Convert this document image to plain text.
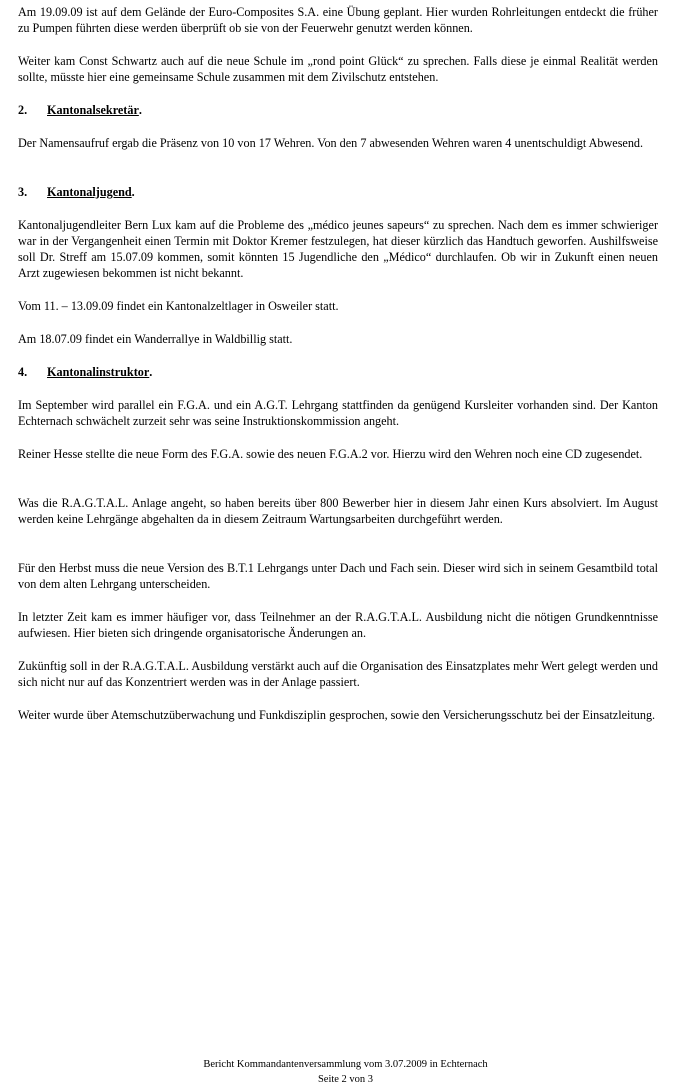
Am 19.09.09 ist auf dem Gelände der Euro-Composites S.A. eine Übung geplant. Hier wurden Rohrleitungen entdeckt die früher zu Pumpen führten diese werden überprüft ob sie von der Feuerwehr genutzt werden können.

Weiter kam Const Schwartz auch auf die neue Schule im „rond point Glück“ zu sprechen. Falls diese je einmal Realität werden sollte, müsste hier eine gemeinsame Schule zusammen mit dem Zivilschutz entstehen.

2.	Kantonalsekretär .

Der Namensaufruf ergab die Präsenz von 10 von 17 Wehren. Von den 7 abwesenden Wehren waren 4 unentschuldigt Abwesend.

3.	Kantonaljugend .

Kantonaljugendleiter Bern Lux kam auf die Probleme des „médico jeunes sapeurs“ zu sprechen. Nach dem es immer schwieriger war in der Vergangenheit einen Termin mit Doktor Kremer festzulegen, hat dieser kürzlich das Handtuch geworfen. Aushilfsweise soll Dr. Streff am 15.07.09 kommen, somit könnten 15 Jugendliche den „Médico“ durchlaufen. Ob wir in Zukunft einen neuen Arzt zugewiesen bekommen ist nicht bekannt.

Vom 11. – 13.09.09 findet ein Kantonalzeltlager in Osweiler statt.

Am 18.07.09 findet ein Wanderrallye in Waldbillig statt.

4.	Kantonalinstruktor .

Im September wird parallel ein F.G.A. und ein A.G.T. Lehrgang stattfinden da genügend Kursleiter vorhanden sind. Der Kanton Echternach schwächelt zurzeit sehr was seine Instruktionskommission angeht.

Reiner Hesse stellte die neue Form des F.G.A. sowie des neuen F.G.A.2 vor. Hierzu wird den Wehren noch eine CD zugesendet.

Was die R.A.G.T.A.L. Anlage angeht, so haben bereits über 800 Bewerber hier in diesem Jahr einen Kurs absolviert. Im August werden keine Lehrgänge abgehalten da in diesem Zeitraum Wartungsarbeiten durchgeführt werden.

Für den Herbst muss die neue Version des B.T.1 Lehrgangs unter Dach und Fach sein. Dieser wird sich in seinem Gesamtbild total von dem alten Lehrgang unterscheiden.

In letzter Zeit kam es immer häufiger vor, dass Teilnehmer an der R.A.G.T.A.L. Ausbildung nicht die nötigen Grundkenntnisse aufwiesen. Hier bieten sich dringende organisatorische Änderungen an.

Zukünftig soll in der R.A.G.T.A.L. Ausbildung verstärkt auch auf die Organisation des Einsatzplates mehr Wert gelegt werden und sich nicht nur auf das Konzentriert werden was in der Anlage passiert.

Weiter wurde über Atemschutzüberwachung und Funkdisziplin gesprochen, sowie den Versicherungsschutz bei der Einsatzleitung.

Bericht Kommandantenversammlung vom 3.07.2009 in Echternach
Seite 2 von 3
